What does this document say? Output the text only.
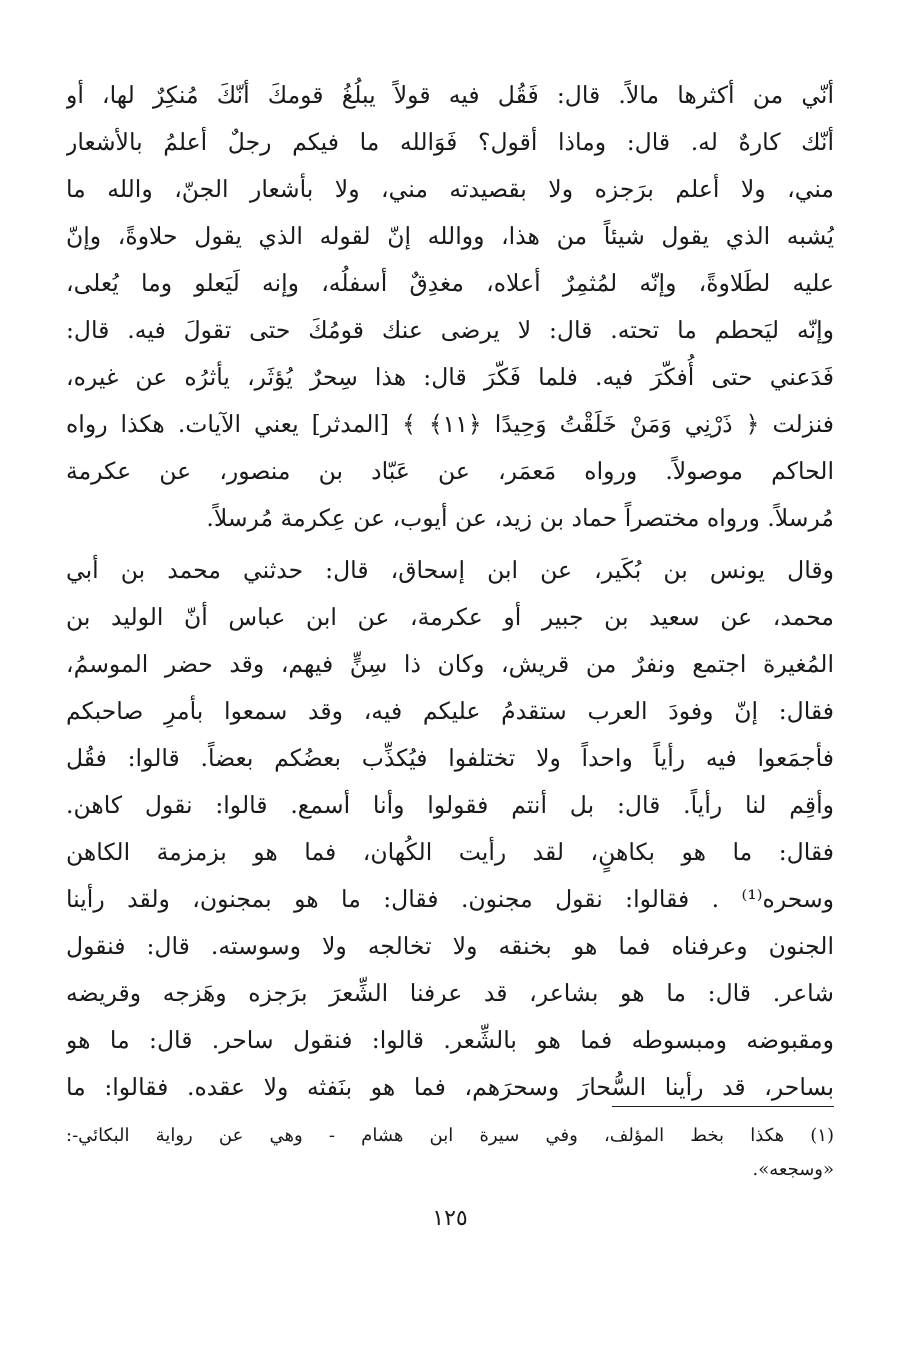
أنّي من أكثرها مالاً. قال: فَقُل فيه قولاً يبلُغُ قومكَ أنّكَ مُنكِرٌ لها، أو
أنّك كارهٌ له. قال: وماذا أقول؟ فَوَالله ما فيكم رجلٌ أعلمُ بالأشعار
مني، ولا أعلم برَجزه ولا بقصيدته مني، ولا بأشعار الجنّ، والله ما
يُشبه الذي يقول شيئاً من هذا، ووالله إنّ لقوله الذي يقول حلاوةً، وإنّ
عليه لطَلاوةً، وإنّه لمُثمِرٌ أعلاه، مغدِقٌ أسفلُه، وإنه لَيَعلو وما يُعلى،
وإنّه ليَحطم ما تحته. قال: لا يرضى عنك قومُكَ حتى تقولَ فيه. قال:
فَدَعني حتى أُفكّرَ فيه. فلما فَكّرَ قال: هذا سِحرٌ يُؤثَر، يأثرُه عن غيره،
فنزلت ﴿ ذَرْنِي وَمَنْ خَلَقْتُ وَحِيدًا ﴿١١﴾ ﴾ [المدثر] يعني الآيات. هكذا رواه
الحاكم موصولاً. ورواه مَعمَر، عن عَبّاد بن منصور، عن عكرمة
مُرسلاً. ورواه مختصراً حماد بن زيد، عن أيوب، عن عِكرمة مُرسلاً.
وقال يونس بن بُكَير، عن ابن إسحاق، قال: حدثني محمد بن أبي
محمد، عن سعيد بن جبير أو عكرمة، عن ابن عباس أنّ الوليد بن
المُغيرة اجتمع ونفرٌ من قريش، وكان ذا سِنٍّ فيهم، وقد حضر الموسمُ،
فقال: إنّ وفودَ العرب ستقدمُ عليكم فيه، وقد سمعوا بأمرِ صاحبكم
فأجمَعوا فيه رأياً واحداً ولا تختلفوا فيُكذِّب بعضُكم بعضاً. قالوا: فقُل
وأقِم لنا رأياً. قال: بل أنتم فقولوا وأنا أسمع. قالوا: نقول كاهن.
فقال: ما هو بكاهنٍ، لقد رأيت الكُهان، فما هو بزمزمة الكاهن
وسحره⁽¹⁾ . فقالوا: نقول مجنون. فقال: ما هو بمجنون، ولقد رأينا
الجنون وعرفناه فما هو بخنقه ولا تخالجه ولا وسوسته. قال: فنقول
شاعر. قال: ما هو بشاعر، قد عرفنا الشِّعرَ برَجزه وهَزجه وقريضه
ومقبوضه ومبسوطه فما هو بالشِّعر. قالوا: فنقول ساحر. قال: ما هو
بساحر، قد رأينا السُّحارَ وسحرَهم، فما هو بنَفثه ولا عقده. فقالوا: ما
(١) هكذا بخط المؤلف، وفي سيرة ابن هشام - وهي عن رواية البكائي-:
«وسجعه».
١٢٥
